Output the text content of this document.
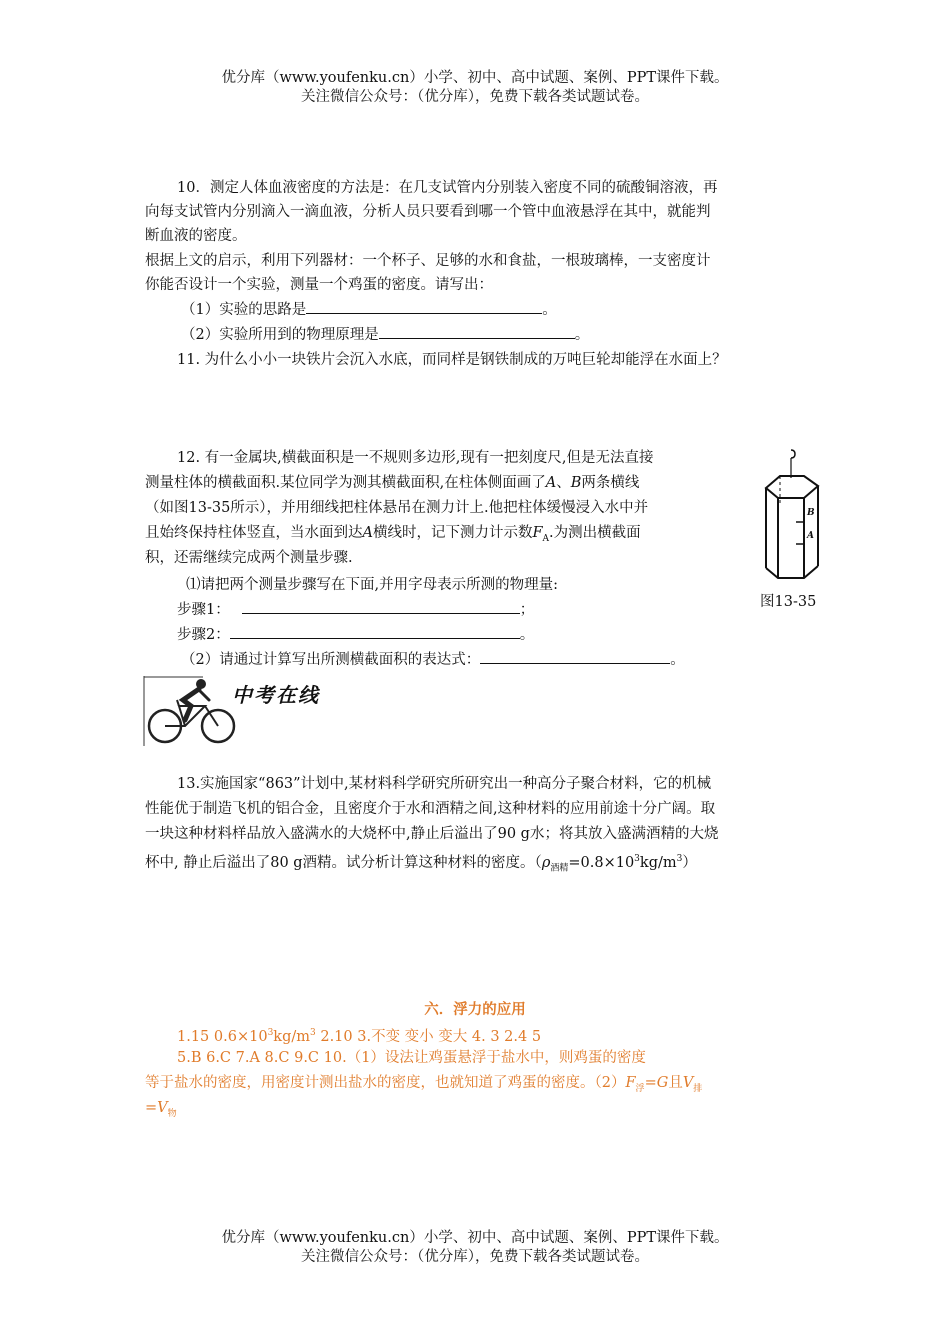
优分库（www.youfenku.cn）小学、初中、高中试题、案例、PPT课件下载。
关注微信公众号：（优分库），免费下载各类试题试卷。
10．测定人体血液密度的方法是：在几支试管内分别装入密度不同的硫酸铜溶液，再
向每支试管内分别滴入一滴血液，分析人员只要看到哪一个管中血液悬浮在其中，就能判
断血液的密度。
根据上文的启示，利用下列器材：一个杯子、足够的水和食盐，一根玻璃棒，一支密度计
你能否设计一个实验，测量一个鸡蛋的密度。请写出：
（1）实验的思路是	。
（2）实验所用到的物理原理是	。
11. 为什么小小一块铁片会沉入水底，而同样是钢铁制成的万吨巨轮却能浮在水面上？
12. 有一金属块,横截面积是一不规则多边形,现有一把刻度尺,但是无法直接
测量柱体的横截面积.某位同学为测其横截面积,在柱体侧面画了A、B两条横线
（如图13-35所示），并用细线把柱体悬吊在测力计上.他把柱体缓慢浸入水中并
且始终保持柱体竖直，当水面到达A横线时，记下测力计示数$F_A$.为测出横截面
积，还需继续完成两个测量步骤.
⑴请把两个测量步骤写在下面,并用字母表示所测的物理量:
步骤1：	；
步骤2：	。
（2）请通过计算写出所测横截面积的表达式：	。
B
A
图13-35
中考在线
13.实施国家“863”计划中,某材料科学研究所研究出一种高分子聚合材料，它的机械
性能优于制造飞机的铝合金，且密度介于水和酒精之间,这种材料的应用前途十分广阔。取
一块这种材料样品放入盛满水的大烧杯中,静止后溢出了90 g水；将其放入盛满酒精的大烧
杯中, 静止后溢出了80 g酒精。试分析计算这种材料的密度。$(\rho_{酒精}=0.8\times 10^3kg/m^3)$
六．浮力的应用
1.15 $0.6\times 10^3kg/m^3$ 2.10 3.不变 变小 变大 4. 3 2.4 5
5.B 6.C 7.A 8.C 9.C 10.（1）设法让鸡蛋悬浮于盐水中，则鸡蛋的密度
等于盐水的密度，用密度计测出盐水的密度，也就知道了鸡蛋的密度。$(2)F_浮=G$且$V_排$
$=V_物$
优分库（www.youfenku.cn）小学、初中、高中试题、案例、PPT课件下载。
关注微信公众号：（优分库），免费下载各类试题试卷。
